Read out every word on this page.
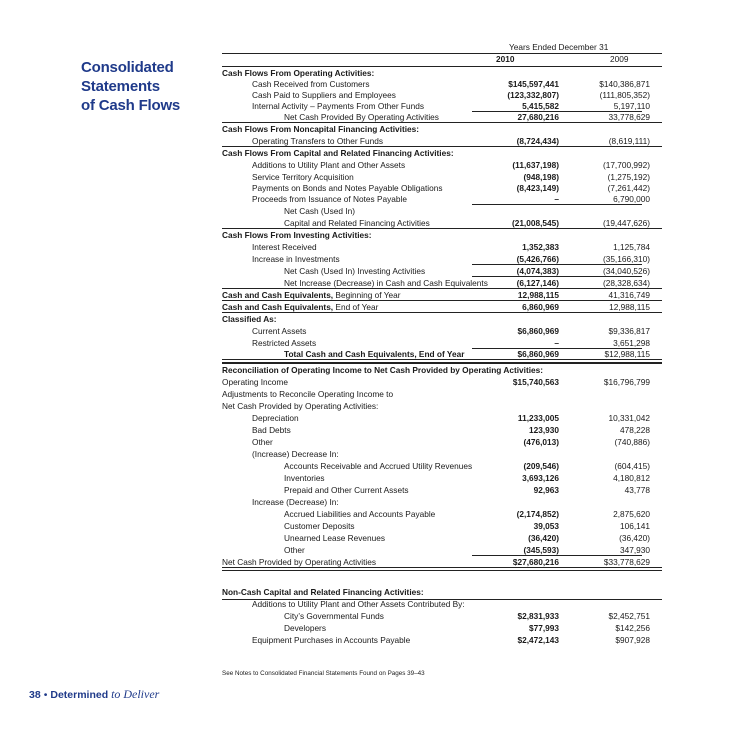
Consolidated
Statements
of Cash Flows
Years Ended December 31
2010	2009
Cash Flows From Operating Activities:
Cash Received from Customers	$145,597,441	$140,386,871
Cash Paid to Suppliers and Employees	(123,332,807)	(111,805,352)
Internal Activity – Payments From Other Funds	5,415,582	5,197,110
Net Cash Provided By Operating Activities	27,680,216	33,778,629
Cash Flows From Noncapital Financing Activities:
Operating Transfers to Other Funds	(8,724,434)	(8,619,111)
Cash Flows From Capital and Related Financing Activities:
Additions to Utility Plant and Other Assets	(11,637,198)	(17,700,992)
Service Territory Acquisition	(948,198)	(1,275,192)
Payments on Bonds and Notes Payable Obligations	(8,423,149)	(7,261,442)
Proceeds from Issuance of Notes Payable	–	6,790,000
Net Cash (Used In)
Capital and Related Financing Activities	(21,008,545)	(19,447,626)
Cash Flows From Investing Activities:
Interest Received	1,352,383	1,125,784
Increase in Investments	(5,426,766)	(35,166,310)
Net Cash (Used In) Investing Activities	(4,074,383)	(34,040,526)
Net Increase (Decrease) in Cash and Cash Equivalents	(6,127,146)	(28,328,634)
Cash and Cash Equivalents, Beginning of Year	12,988,115	41,316,749
Cash and Cash Equivalents, End of Year	6,860,969	12,988,115
Classified As:
Current Assets	$6,860,969	$9,336,817
Restricted Assets	–	3,651,298
Total Cash and Cash Equivalents, End of Year	$6,860,969	$12,988,115
Reconciliation of Operating Income to Net Cash Provided by Operating Activities:
Operating Income	$15,740,563	$16,796,799
Adjustments to Reconcile Operating Income to
Net Cash Provided by Operating Activities:
Depreciation	11,233,005	10,331,042
Bad Debts	123,930	478,228
Other	(476,013)	(740,886)
(Increase) Decrease In:
Accounts Receivable and Accrued Utility Revenues	(209,546)	(604,415)
Inventories	3,693,126	4,180,812
Prepaid and Other Current Assets	92,963	43,778
Increase (Decrease) In:
Accrued Liabilities and Accounts Payable	(2,174,852)	2,875,620
Customer Deposits	39,053	106,141
Unearned Lease Revenues	(36,420)	(36,420)
Other	(345,593)	347,930
Net Cash Provided by Operating Activities	$27,680,216	$33,778,629
Non-Cash Capital and Related Financing Activities:
Additions to Utility Plant and Other Assets Contributed By:
City’s Governmental Funds	$2,831,933	$2,452,751
Developers	$77,993	$142,256
Equipment Purchases in Accounts Payable	$2,472,143	$907,928
See Notes to Consolidated Financial Statements Found on Pages 39–43
38 • Determined to Deliver
